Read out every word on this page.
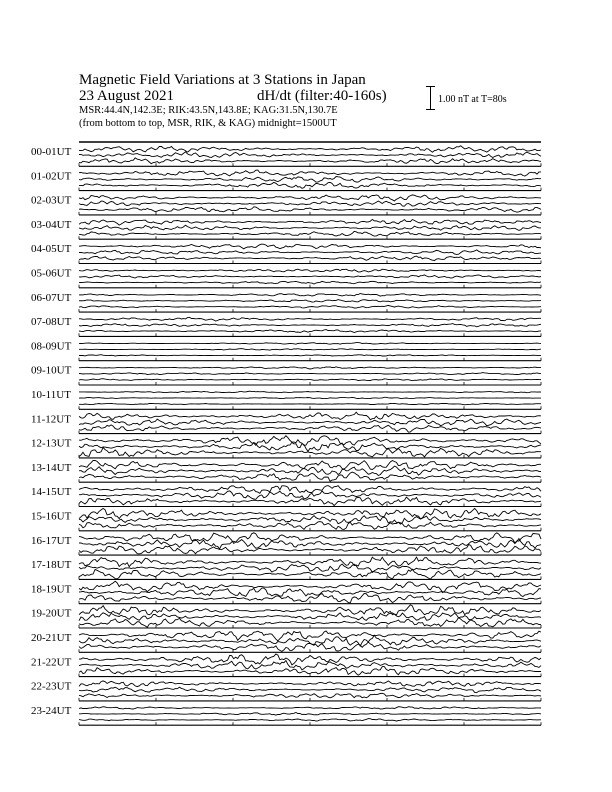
Magnetic Field Variations at 3 Stations in Japan
23 August 2021	dH/dt (filter:40-160s)
MSR:44.4N,142.3E; RIK:43.5N,143.8E; KAG:31.5N,130.7E
(from bottom to top, MSR, RIK, & KAG) midnight=1500UT
1.00 nT at T=80s
00-01UT
01-02UT
02-03UT
03-04UT
04-05UT
05-06UT
06-07UT
07-08UT
08-09UT
09-10UT
10-11UT
11-12UT
12-13UT
13-14UT
14-15UT
15-16UT
16-17UT
17-18UT
18-19UT
19-20UT
20-21UT
21-22UT
22-23UT
23-24UT
